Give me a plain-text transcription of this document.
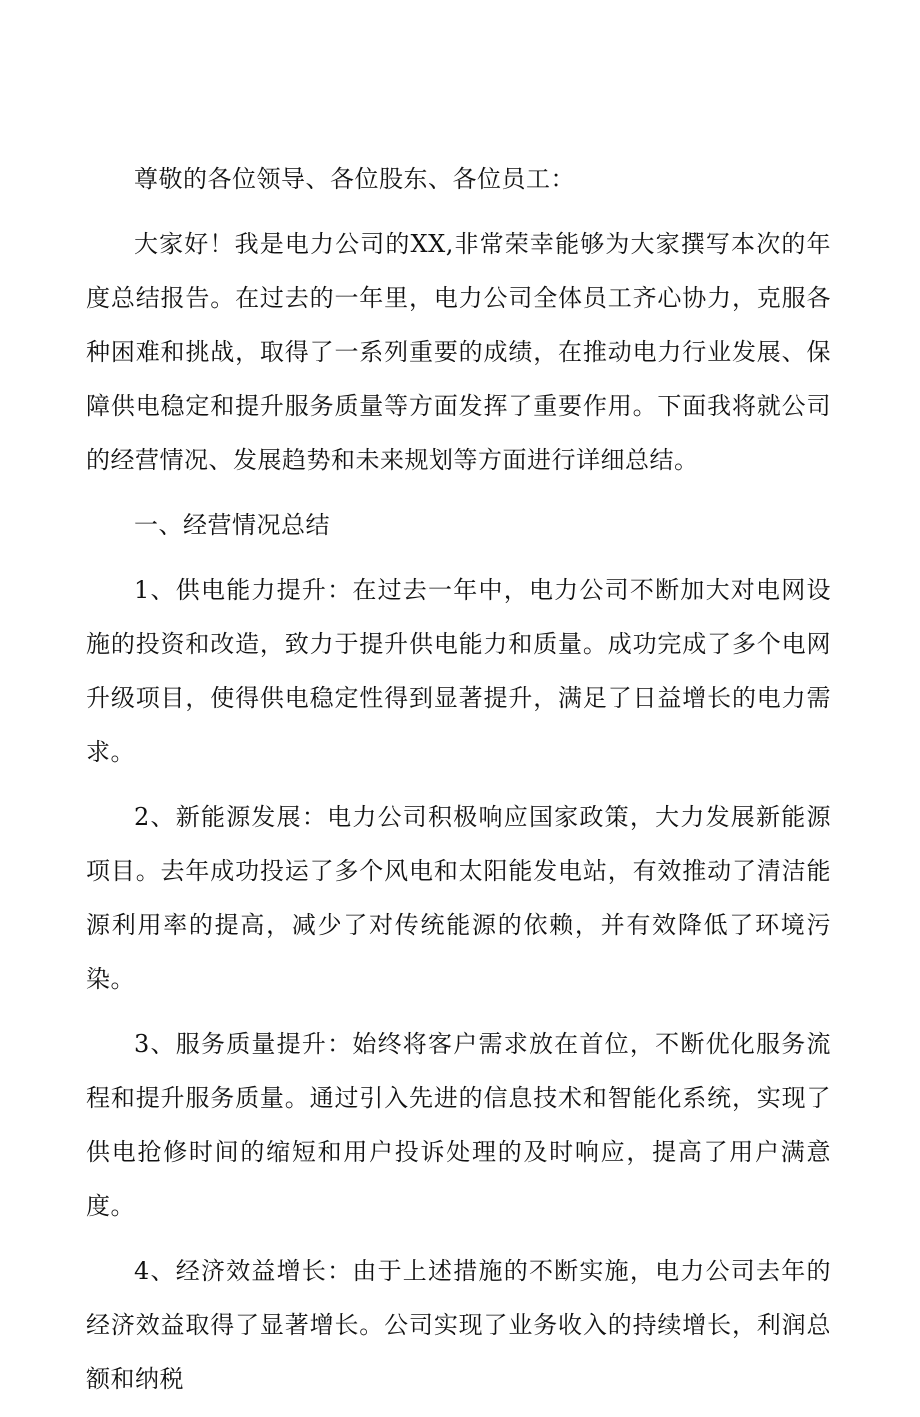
尊敬的各位领导、各位股东、各位员工：

大家好！我是电力公司的XX,非常荣幸能够为大家撰写本次的年度总结报告。在过去的一年里，电力公司全体员工齐心协力，克服各种困难和挑战，取得了一系列重要的成绩，在推动电力行业发展、保障供电稳定和提升服务质量等方面发挥了重要作用。下面我将就公司的经营情况、发展趋势和未来规划等方面进行详细总结。

一、经营情况总结

1、供电能力提升：在过去一年中，电力公司不断加大对电网设施的投资和改造，致力于提升供电能力和质量。成功完成了多个电网升级项目，使得供电稳定性得到显著提升，满足了日益增长的电力需求。

2、新能源发展：电力公司积极响应国家政策，大力发展新能源项目。去年成功投运了多个风电和太阳能发电站，有效推动了清洁能源利用率的提高，减少了对传统能源的依赖，并有效降低了环境污染。

3、服务质量提升：始终将客户需求放在首位，不断优化服务流程和提升服务质量。通过引入先进的信息技术和智能化系统，实现了供电抢修时间的缩短和用户投诉处理的及时响应，提高了用户满意度。

4、经济效益增长：由于上述措施的不断实施，电力公司去年的经济效益取得了显著增长。公司实现了业务收入的持续增长，利润总额和纳税
